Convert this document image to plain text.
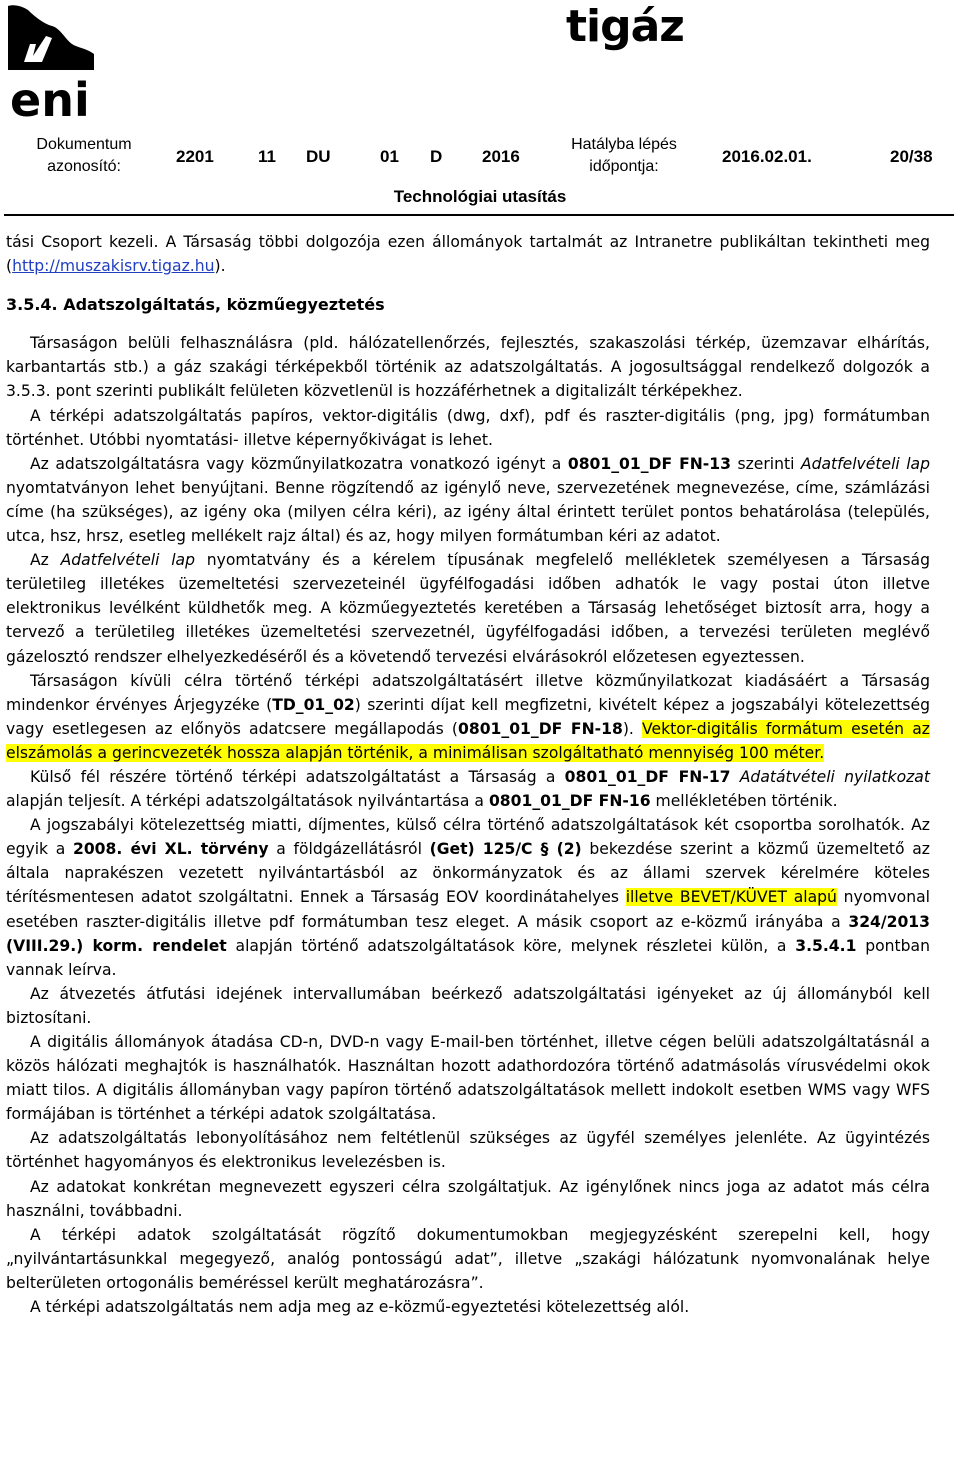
eni
tigáz
Dokumentum azonosító:
2201	11 DU	01 D 2016
Hatályba lépés időpontja:
2016.02.01.	20/38
Technológiai utasítás

tási Csoport kezeli. A Társaság többi dolgozója ezen állományok tartalmát az Intranetre publikáltan tekintheti meg (http://muszakisrv.tigaz.hu).

3.5.4. Adatszolgáltatás, közműegyeztetés

Társaságon belüli felhasználásra (pld. hálózatellenőrzés, fejlesztés, szakaszolási térkép, üzemzavar elhárítás, karbantartás stb.) a gáz szakági térképekből történik az adatszolgáltatás. A jogosultsággal rendelkező dolgozók a 3.5.3. pont szerinti publikált felületen közvetlenül is hozzáférhetnek a digitalizált térképekhez.

A térképi adatszolgáltatás papíros, vektor-digitális (dwg, dxf), pdf és raszter-digitális (png, jpg) formátumban történhet. Utóbbi nyomtatási- illetve képernyőkivágat is lehet.

Az adatszolgáltatásra vagy közműnyilatkozatra vonatkozó igényt a 0801_01_DF FN-13 szerinti Adatfelvételi lap nyomtatványon lehet benyújtani. Benne rögzítendő az igénylő neve, szervezetének megnevezése, címe, számlázási címe (ha szükséges), az igény oka (milyen célra kéri), az igény által érintett terület pontos behatárolása (település, utca, hsz, hrsz, esetleg mellékelt rajz által) és az, hogy milyen formátumban kéri az adatot.

Az Adatfelvételi lap nyomtatvány és a kérelem típusának megfelelő mellékletek személyesen a Társaság területileg illetékes üzemeltetési szervezeteinél ügyfélfogadási időben adhatók le vagy postai úton illetve elektronikus levélként küldhetők meg. A közműegyeztetés keretében a Társaság lehetőséget biztosít arra, hogy a tervező a területileg illetékes üzemeltetési szervezetnél, ügyfélfogadási időben, a tervezési területen meglévő gázelosztó rendszer elhelyezkedéséről és a követendő tervezési elvárásokról előzetesen egyeztessen.

Társaságon kívüli célra történő térképi adatszolgáltatásért illetve közműnyilatkozat kiadásáért a Társaság mindenkor érvényes Árjegyzéke (TD_01_02) szerinti díjat kell megfizetni, kivételt képez a jogszabályi kötelezettség vagy esetlegesen az előnyös adatcsere megállapodás (0801_01_DF FN-18). Vektor-digitális formátum esetén az elszámolás a gerincvezeték hossza alapján történik, a minimálisan szolgáltatható mennyiség 100 méter.

Külső fél részére történő térképi adatszolgáltatást a Társaság a 0801_01_DF FN-17 Adatátvételi nyilatkozat alapján teljesít. A térképi adatszolgáltatások nyilvántartása a 0801_01_DF FN-16 mellékletében történik.

A jogszabályi kötelezettség miatti, díjmentes, külső célra történő adatszolgáltatások két csoportba sorolhatók. Az egyik a 2008. évi XL. törvény a földgázellátásról (Get) 125/C § (2) bekezdése szerint a közmű üzemeltető az általa naprakészen vezetett nyilvántartásból az önkormányzatok és az állami szervek kérelmére köteles térítésmentesen adatot szolgáltatni. Ennek a Társaság EOV koordinátahelyes illetve BEVET/KÜVET alapú nyomvonal esetében raszter-digitális illetve pdf formátumban tesz eleget. A másik csoport az e-közmű irányába a 324/2013 (VIII.29.) korm. rendelet alapján történő adatszolgáltatások köre, melynek részletei külön, a 3.5.4.1 pontban vannak leírva.

Az átvezetés átfutási idejének intervallumában beérkező adatszolgáltatási igényeket az új állományból kell biztosítani.

A digitális állományok átadása CD-n, DVD-n vagy E-mail-ben történhet, illetve cégen belüli adatszolgáltatásnál a közös hálózati meghajtók is használhatók. Használtan hozott adathordozóra történő adatmásolás vírusvédelmi okok miatt tilos. A digitális állományban vagy papíron történő adatszolgáltatások mellett indokolt esetben WMS vagy WFS formájában is történhet a térképi adatok szolgáltatása.

Az adatszolgáltatás lebonyolításához nem feltétlenül szükséges az ügyfél személyes jelenléte. Az ügyintézés történhet hagyományos és elektronikus levelezésben is.

Az adatokat konkrétan megnevezett egyszeri célra szolgáltatjuk. Az igénylőnek nincs joga az adatot más célra használni, továbbadni.

A térképi adatok szolgáltatását rögzítő dokumentumokban megjegyzésként szerepelni kell, hogy „nyilvántartásunkkal megegyező, analóg pontosságú adat”, illetve „szakági hálózatunk nyomvonalának helye belterületen ortogonális beméréssel került meghatározásra”.

A térképi adatszolgáltatás nem adja meg az e-közmű-egyeztetési kötelezettség alól.
